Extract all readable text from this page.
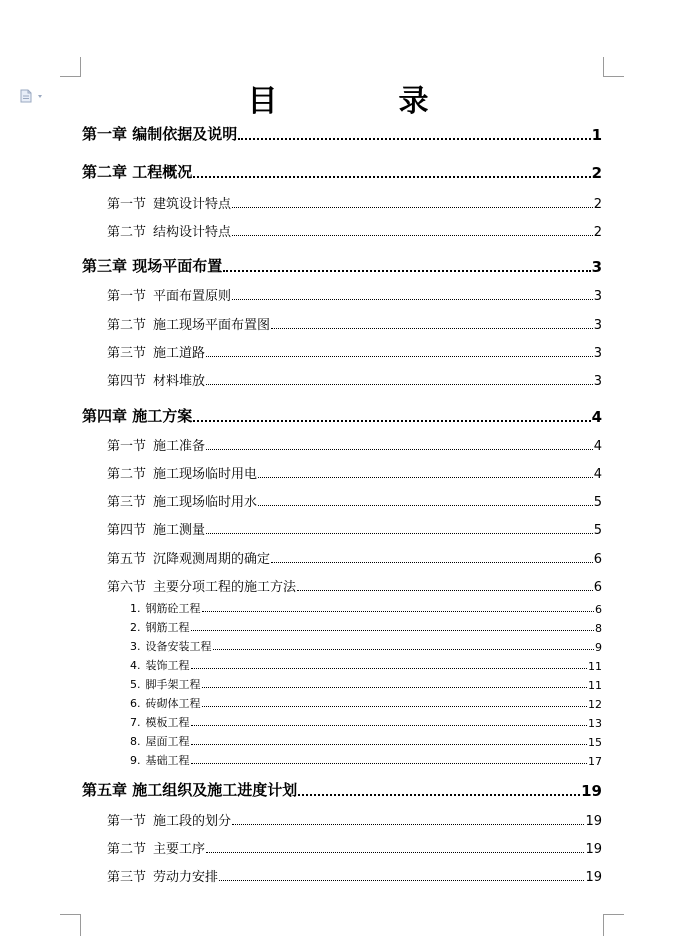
目	录
第一章 编制依据及说明	1
第二章 工程概况	2
第一节 建筑设计特点	2
第二节 结构设计特点	2
第三章 现场平面布置	3
第一节 平面布置原则	3
第二节 施工现场平面布置图	3
第三节 施工道路	3
第四节 材料堆放	3
第四章 施工方案	4
第一节 施工准备	4
第二节 施工现场临时用电	4
第三节 施工现场临时用水	5
第四节 施工测量	5
第五节 沉降观测周期的确定	6
第六节 主要分项工程的施工方法	6
1. 钢筋砼工程	6
2. 钢筋工程	8
3. 设备安装工程	9
4. 装饰工程	11
5. 脚手架工程	11
6. 砖砌体工程	12
7. 模板工程	13
8. 屋面工程	15
9. 基础工程	17
第五章 施工组织及施工进度计划	19
第一节 施工段的划分	19
第二节 主要工序	19
第三节 劳动力安排	19
